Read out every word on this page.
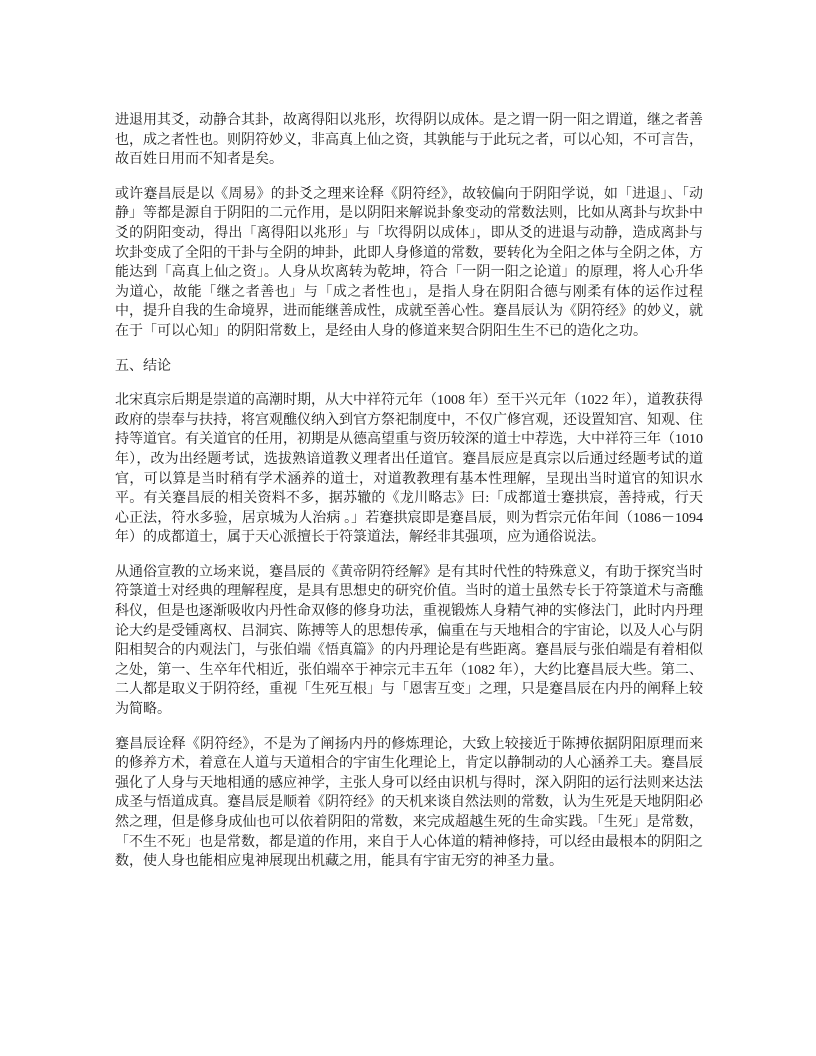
进退用其爻，动静合其卦，故离得阳以兆形，坎得阴以成体。是之谓一阴一阳之谓道，继之者善也，成之者性也。则阴符妙义，非高真上仙之资，其孰能与于此玩之者，可以心知，不可言告，故百姓日用而不知者是矣。

或许蹇昌辰是以《周易》的卦爻之理来诠释《阴符经》，故较偏向于阴阳学说，如「进退」、「动静」等都是源自于阴阳的二元作用，是以阴阳来解说卦象变动的常数法则，比如从离卦与坎卦中爻的阴阳变动，得出「离得阳以兆形」与「坎得阴以成体」，即从爻的进退与动静，造成离卦与坎卦变成了全阳的干卦与全阴的坤卦，此即人身修道的常数，要转化为全阳之体与全阴之体，方能达到「高真上仙之资」。人身从坎离转为乾坤，符合「一阴一阳之论道」的原理，将人心升华为道心，故能「继之者善也」与「成之者性也」，是指人身在阴阳合德与刚柔有体的运作过程中，提升自我的生命境界，进而能继善成性，成就至善心性。蹇昌辰认为《阴符经》的妙义，就在于「可以心知」的阴阳常数上，是经由人身的修道来契合阴阳生生不已的造化之功。

五、结论

北宋真宗后期是崇道的高潮时期，从大中祥符元年（1008 年）至干兴元年（1022 年），道教获得政府的崇奉与扶持，将宫观醮仪纳入到官方祭祀制度中，不仅广修宫观，还设置知宫、知观、住持等道官。有关道官的任用，初期是从德高望重与资历较深的道士中荐选，大中祥符三年（1010 年），改为出经题考试，选拔熟谙道教义理者出任道官。蹇昌辰应是真宗以后通过经题考试的道官，可以算是当时稍有学术涵养的道士，对道教教理有基本性理解，呈现出当时道官的知识水平。有关蹇昌辰的相关资料不多，据苏辙的《龙川略志》曰:「成都道士蹇拱宸，善持戒，行天心正法，符水多验，居京城为人治病 。」若蹇拱宸即是蹇昌辰，则为哲宗元佑年间（1086－1094 年）的成都道士，属于天心派擅长于符箓道法，解经非其强项，应为通俗说法。

从通俗宣教的立场来说，蹇昌辰的《黄帝阴符经解》是有其时代性的特殊意义，有助于探究当时符箓道士对经典的理解程度，是具有思想史的研究价值。当时的道士虽然专长于符箓道术与斋醮科仪，但是也逐渐吸收内丹性命双修的修身功法，重视锻炼人身精气神的实修法门，此时内丹理论大约是受锺离权、吕洞宾、陈搏等人的思想传承，偏重在与天地相合的宇宙论，以及人心与阴阳相契合的内观法门，与张伯端《悟真篇》的内丹理论是有些距离。蹇昌辰与张伯端是有着相似之处，第一、生卒年代相近，张伯端卒于神宗元丰五年（1082 年），大约比蹇昌辰大些。第二、二人都是取义于阴符经，重视「生死互根」与「恩害互变」之理，只是蹇昌辰在内丹的阐释上较为简略。

蹇昌辰诠释《阴符经》，不是为了阐扬内丹的修炼理论，大致上较接近于陈搏依据阴阳原理而来的修养方术，着意在人道与天道相合的宇宙生化理论上，肯定以静制动的人心涵养工夫。蹇昌辰强化了人身与天地相通的感应神学，主张人身可以经由识机与得时，深入阴阳的运行法则来达法成圣与悟道成真。蹇昌辰是顺着《阴符经》的天机来谈自然法则的常数，认为生死是天地阴阳必然之理，但是修身成仙也可以依着阴阳的常数，来完成超越生死的生命实践。「生死」是常数，「不生不死」也是常数，都是道的作用，来自于人心体道的精神修持，可以经由最根本的阴阳之数，使人身也能相应鬼神展现出机藏之用，能具有宇宙无穷的神圣力量。
